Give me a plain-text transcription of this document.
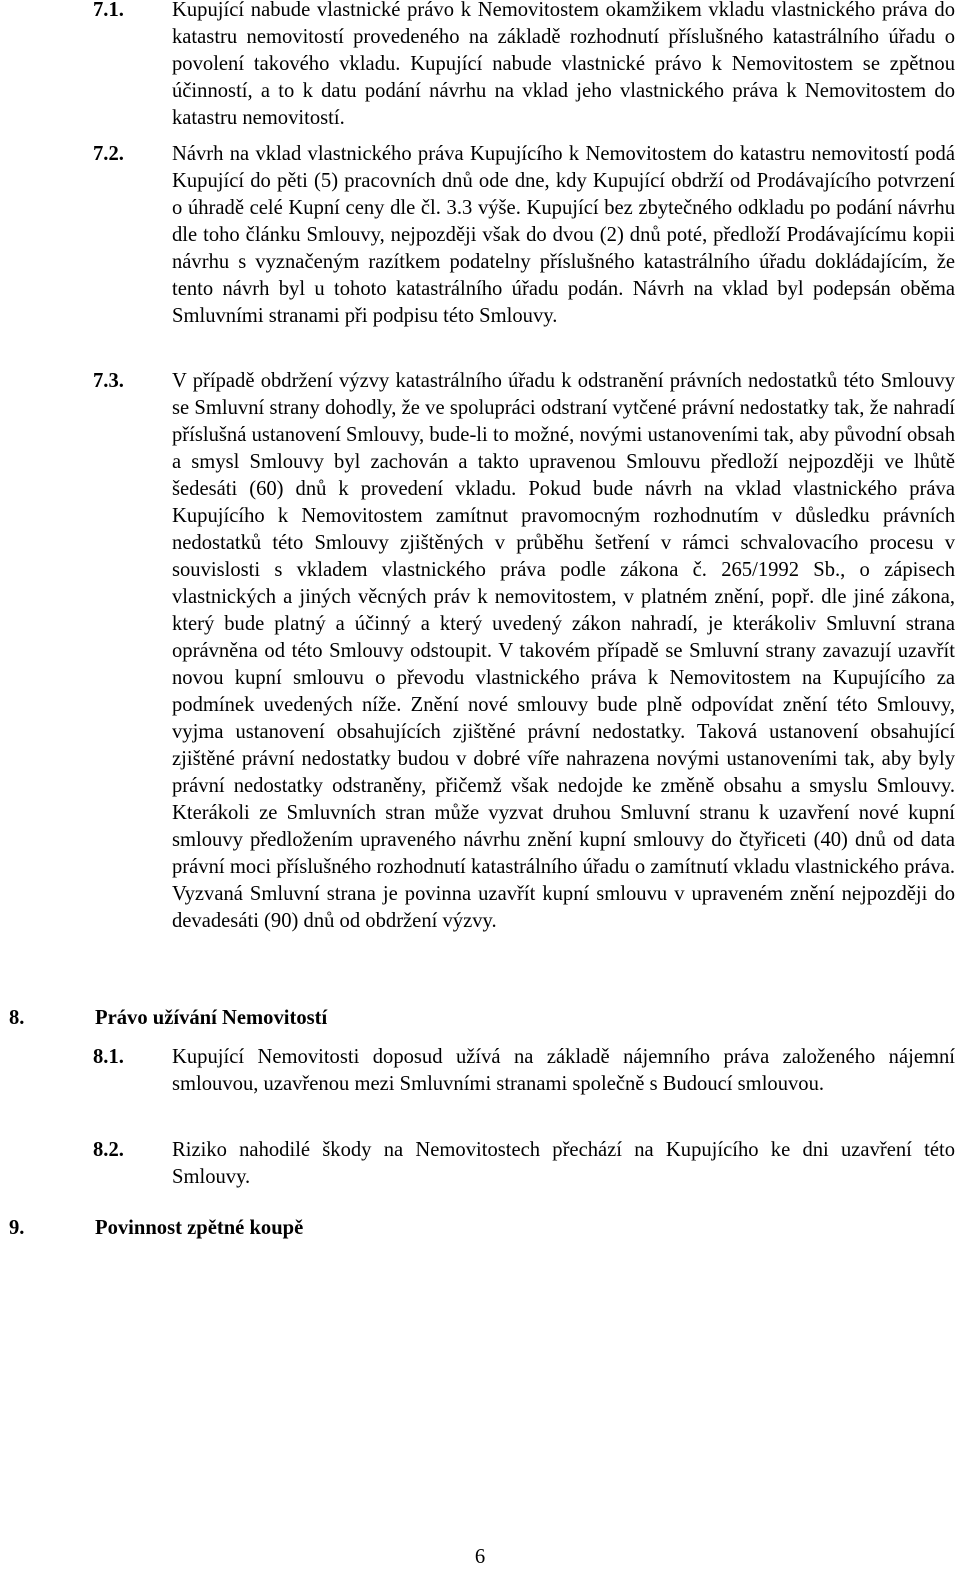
7.1. Kupující nabude vlastnické právo k Nemovitostem okamžikem vkladu vlastnického práva do katastru nemovitostí provedeného na základě rozhodnutí příslušného katastrálního úřadu o povolení takového vkladu. Kupující nabude vlastnické právo k Nemovitostem se zpětnou účinností, a to k datu podání návrhu na vklad jeho vlastnického práva k Nemovitostem do katastru nemovitostí.
7.2. Návrh na vklad vlastnického práva Kupujícího k Nemovitostem do katastru nemovitostí podá Kupující do pěti (5) pracovních dnů ode dne, kdy Kupující obdrží od Prodávajícího potvrzení o úhradě celé Kupní ceny dle čl. 3.3 výše. Kupující bez zbytečného odkladu po podání návrhu dle toho článku Smlouvy, nejpozději však do dvou (2) dnů poté, předloží Prodávajícímu kopii návrhu s vyznačeným razítkem podatelny příslušného katastrálního úřadu dokládajícím, že tento návrh byl u tohoto katastrálního úřadu podán. Návrh na vklad byl podepsán oběma Smluvními stranami při podpisu této Smlouvy.
7.3. V případě obdržení výzvy katastrálního úřadu k odstranění právních nedostatků této Smlouvy se Smluvní strany dohodly, že ve spolupráci odstraní vytčené právní nedostatky tak, že nahradí příslušná ustanovení Smlouvy, bude-li to možné, novými ustanoveními tak, aby původní obsah a smysl Smlouvy byl zachován a takto upravenou Smlouvu předloží nejpozději ve lhůtě šedesáti (60) dnů k provedení vkladu. Pokud bude návrh na vklad vlastnického práva Kupujícího k Nemovitostem zamítnut pravomocným rozhodnutím v důsledku právních nedostatků této Smlouvy zjištěných v průběhu šetření v rámci schvalovacího procesu v souvislosti s vkladem vlastnického práva podle zákona č. 265/1992 Sb., o zápisech vlastnických a jiných věcných práv k nemovitostem, v platném znění, popř. dle jiné zákona, který bude platný a účinný a který uvedený zákon nahradí, je kterákoliv Smluvní strana oprávněna od této Smlouvy odstoupit. V takovém případě se Smluvní strany zavazují uzavřít novou kupní smlouvu o převodu vlastnického práva k Nemovitostem na Kupujícího za podmínek uvedených níže. Znění nové smlouvy bude plně odpovídat znění této Smlouvy, vyjma ustanovení obsahujících zjištěné právní nedostatky. Taková ustanovení obsahující zjištěné právní nedostatky budou v dobré víře nahrazena novými ustanoveními tak, aby byly právní nedostatky odstraněny, přičemž však nedojde ke změně obsahu a smyslu Smlouvy. Kterákoli ze Smluvních stran může vyzvat druhou Smluvní stranu k uzavření nové kupní smlouvy předložením upraveného návrhu znění kupní smlouvy do čtyřiceti (40) dnů od data právní moci příslušného rozhodnutí katastrálního úřadu o zamítnutí vkladu vlastnického práva. Vyzvaná Smluvní strana je povinna uzavřít kupní smlouvu v upraveném znění nejpozději do devadesáti (90) dnů od obdržení výzvy.
8.	Právo užívání Nemovitostí
8.1. Kupující Nemovitosti doposud užívá na základě nájemního práva založeného nájemní smlouvou, uzavřenou mezi Smluvními stranami společně s Budoucí smlouvou.
8.2. Riziko nahodilé škody na Nemovitostech přechází na Kupujícího ke dni uzavření této Smlouvy.
9.	Povinnost zpětné koupě
6
